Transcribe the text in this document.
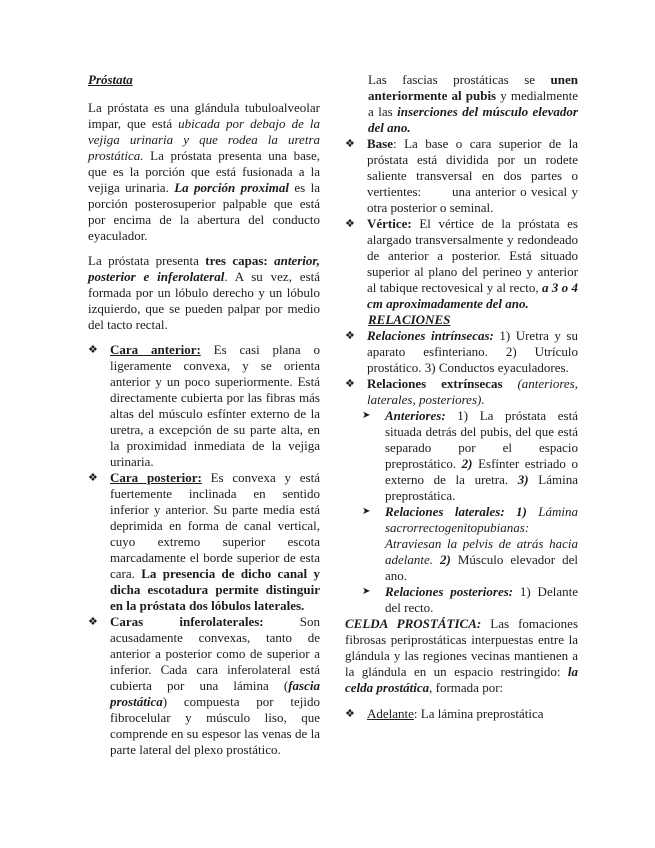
Próstata

La próstata es una glándula tubuloalveolar impar, que está ubicada por debajo de la vejiga urinaria y que rodea la uretra prostática. La próstata presenta una base, que es la porción que está fusionada a la vejiga urinaria. La porción proximal es la porción posterosuperior palpable que está por encima de la abertura del conducto eyaculador.

La próstata presenta tres capas: anterior, posterior e inferolateral. A su vez, está formada por un lóbulo derecho y un lóbulo izquierdo, que se pueden palpar por medio del tacto rectal.

❖ Cara anterior: Es casi plana o ligeramente convexa, y se orienta anterior y un poco superiormente. Está directamente cubierta por las fibras más altas del músculo esfínter externo de la uretra, a excepción de su parte alta, en la proximidad inmediata de la vejiga urinaria.
❖ Cara posterior: Es convexa y está fuertemente inclinada en sentido inferior y anterior. Su parte media está deprimida en forma de canal vertical, cuyo extremo superior escota marcadamente el borde superior de esta cara. La presencia de dicho canal y dicha escotadura permite distinguir en la próstata dos lóbulos laterales.
❖ Caras inferolaterales: Son acusadamente convexas, tanto de anterior a posterior como de superior a inferior. Cada cara inferolateral está cubierta por una lámina (fascia prostática) compuesta por tejido fibrocelular y músculo liso, que comprende en su espesor las venas de la parte lateral del plexo prostático.

Las fascias prostáticas se unen anteriormente al pubis y medialmente a las inserciones del músculo elevador del ano.

❖ Base: La base o cara superior de la próstata está dividida por un rodete saliente transversal en dos partes o vertientes:       una anterior o vesical y otra posterior o seminal.
❖ Vértice: El vértice de la próstata es alargado transversalmente y redondeado de anterior a posterior. Está situado superior al plano del perineo y anterior al tabique rectovesical y al recto, a 3 o 4 cm aproximadamente del ano.
RELACIONES
❖ Relaciones intrínsecas: 1) Uretra y su aparato esfinteriano. 2) Utrículo prostático. 3) Conductos eyaculadores.
❖ Relaciones extrínsecas (anteriores, laterales, posteriores).
➤	Anteriores: 1) La próstata está situada detrás del pubis, del que está separado por el espacio preprostático. 2) Esfínter estriado o externo de la uretra. 3) Lámina preprostática.
➤	Relaciones laterales: 1) Lámina sacrorrectogenitopubianas: Atraviesan la pelvis de atrás hacia adelante. 2) Músculo elevador del ano.
➤	Relaciones posteriores: 1) Delante del recto.

CELDA PROSTÁTICA: Las fomaciones fibrosas periprostáticas interpuestas entre la glándula y las regiones vecinas mantienen a la glándula en un espacio restringido: la celda prostática, formada por:

❖ Adelante: La lámina preprostática
